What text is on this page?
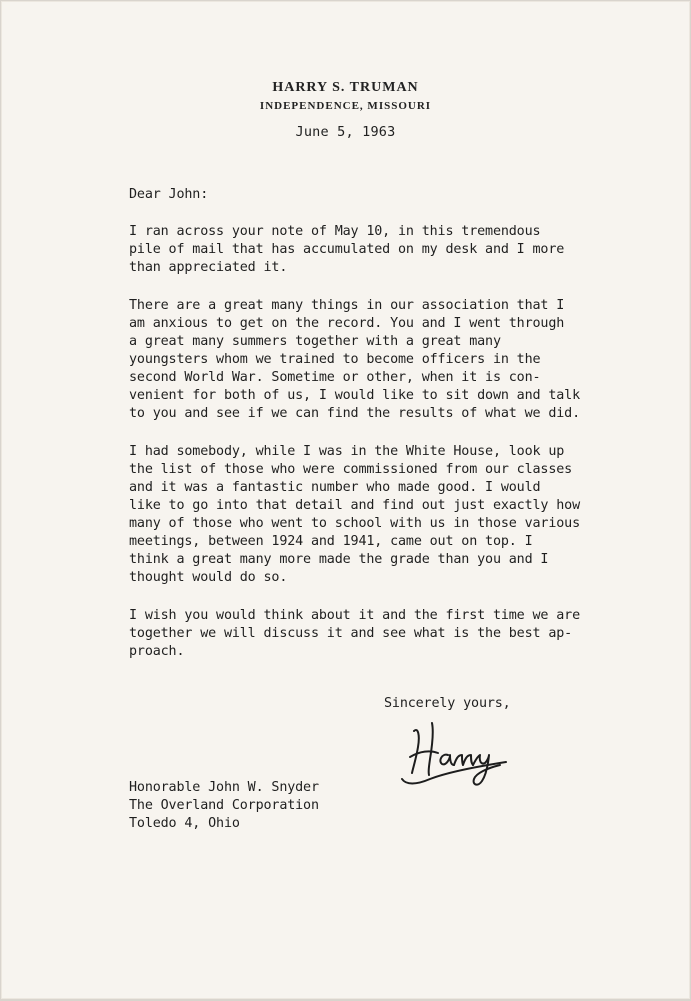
HARRY S. TRUMAN
INDEPENDENCE, MISSOURI
June 5, 1963
Dear John:
I ran across your note of May 10, in this tremendous
pile of mail that has accumulated on my desk and I more
than appreciated it.
There are a great many things in our association that I
am anxious to get on the record. You and I went through
a great many summers together with a great many
youngsters whom we trained to become officers in the
second World War. Sometime or other, when it is con-
venient for both of us, I would like to sit down and talk
to you and see if we can find the results of what we did.
I had somebody, while I was in the White House, look up
the list of those who were commissioned from our classes
and it was a fantastic number who made good. I would
like to go into that detail and find out just exactly how
many of those who went to school with us in those various
meetings, between 1924 and 1941, came out on top. I
think a great many more made the grade than you and I
thought would do so.
I wish you would think about it and the first time we are
together we will discuss it and see what is the best ap-
proach.
Sincerely yours,
Honorable John W. Snyder
The Overland Corporation
Toledo 4, Ohio
